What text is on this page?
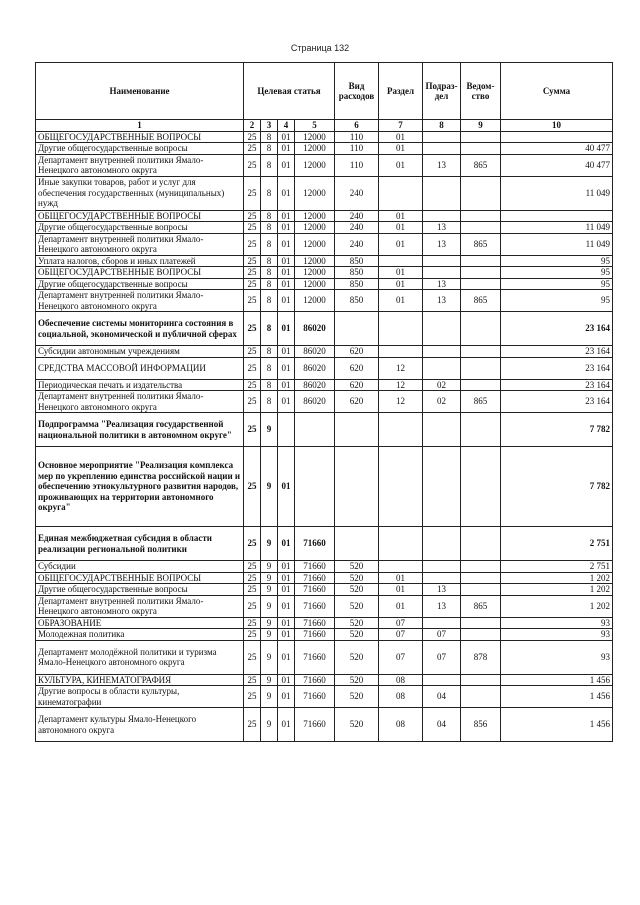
Страница 132
Наименование	Целевая статья				Вид расходов	Раздел	Подраз-дел	Ведом-ство	Сумма
1	2	3	4	5	6	7	8	9	10
ОБЩЕГОСУДАРСТВЕННЫЕ ВОПРОСЫ	25	8	01	12000	110	01			
Другие общегосударственные вопросы	25	8	01	12000	110	01			40 477
Департамент внутренней политики Ямало-Ненецкого автономного округа	25	8	01	12000	110	01	13	865	40 477
Иные закупки товаров, работ и услуг для обеспечения государственных (муниципальных) нужд	25	8	01	12000	240				11 049
ОБЩЕГОСУДАРСТВЕННЫЕ ВОПРОСЫ	25	8	01	12000	240	01			
Другие общегосударственные вопросы	25	8	01	12000	240	01	13		11 049
Департамент внутренней политики Ямало-Ненецкого автономного округа	25	8	01	12000	240	01	13	865	11 049
Уплата налогов, сборов и иных платежей	25	8	01	12000	850				95
ОБЩЕГОСУДАРСТВЕННЫЕ ВОПРОСЫ	25	8	01	12000	850	01			95
Другие общегосударственные вопросы	25	8	01	12000	850	01	13		95
Департамент внутренней политики Ямало-Ненецкого автономного округа	25	8	01	12000	850	01	13	865	95
Обеспечение системы мониторинга состояния в социальной, экономической и публичной сферах	25	8	01	86020					23 164
Субсидии автономным учреждениям	25	8	01	86020	620				23 164
СРЕДСТВА МАССОВОЙ ИНФОРМАЦИИ	25	8	01	86020	620	12			23 164
Периодическая печать и издательства	25	8	01	86020	620	12	02		23 164
Департамент внутренней политики Ямало-Ненецкого автономного округа	25	8	01	86020	620	12	02	865	23 164
Подпрограмма "Реализация государственной национальной политики в автономном округе"	25	9							7 782
Основное мероприятие "Реализация комплекса мер по укреплению единства российской нации и обеспечению этнокультурного развития народов, проживающих на территории автономного округа"	25	9	01						7 782
Единая межбюджетная субсидия в области реализации региональной политики	25	9	01	71660					2 751
Субсидии	25	9	01	71660	520				2 751
ОБЩЕГОСУДАРСТВЕННЫЕ ВОПРОСЫ	25	9	01	71660	520	01			1 202
Другие общегосударственные вопросы	25	9	01	71660	520	01	13		1 202
Департамент внутренней политики Ямало-Ненецкого автономного округа	25	9	01	71660	520	01	13	865	1 202
ОБРАЗОВАНИЕ	25	9	01	71660	520	07			93
Молодежная политика	25	9	01	71660	520	07	07		93
Департамент молодёжной политики и туризма Ямало-Ненецкого автономного округа	25	9	01	71660	520	07	07	878	93
КУЛЬТУРА, КИНЕМАТОГРАФИЯ	25	9	01	71660	520	08			1 456
Другие вопросы в области культуры, кинематографии	25	9	01	71660	520	08	04		1 456
Департамент культуры Ямало-Ненецкого автономного округа	25	9	01	71660	520	08	04	856	1 456
